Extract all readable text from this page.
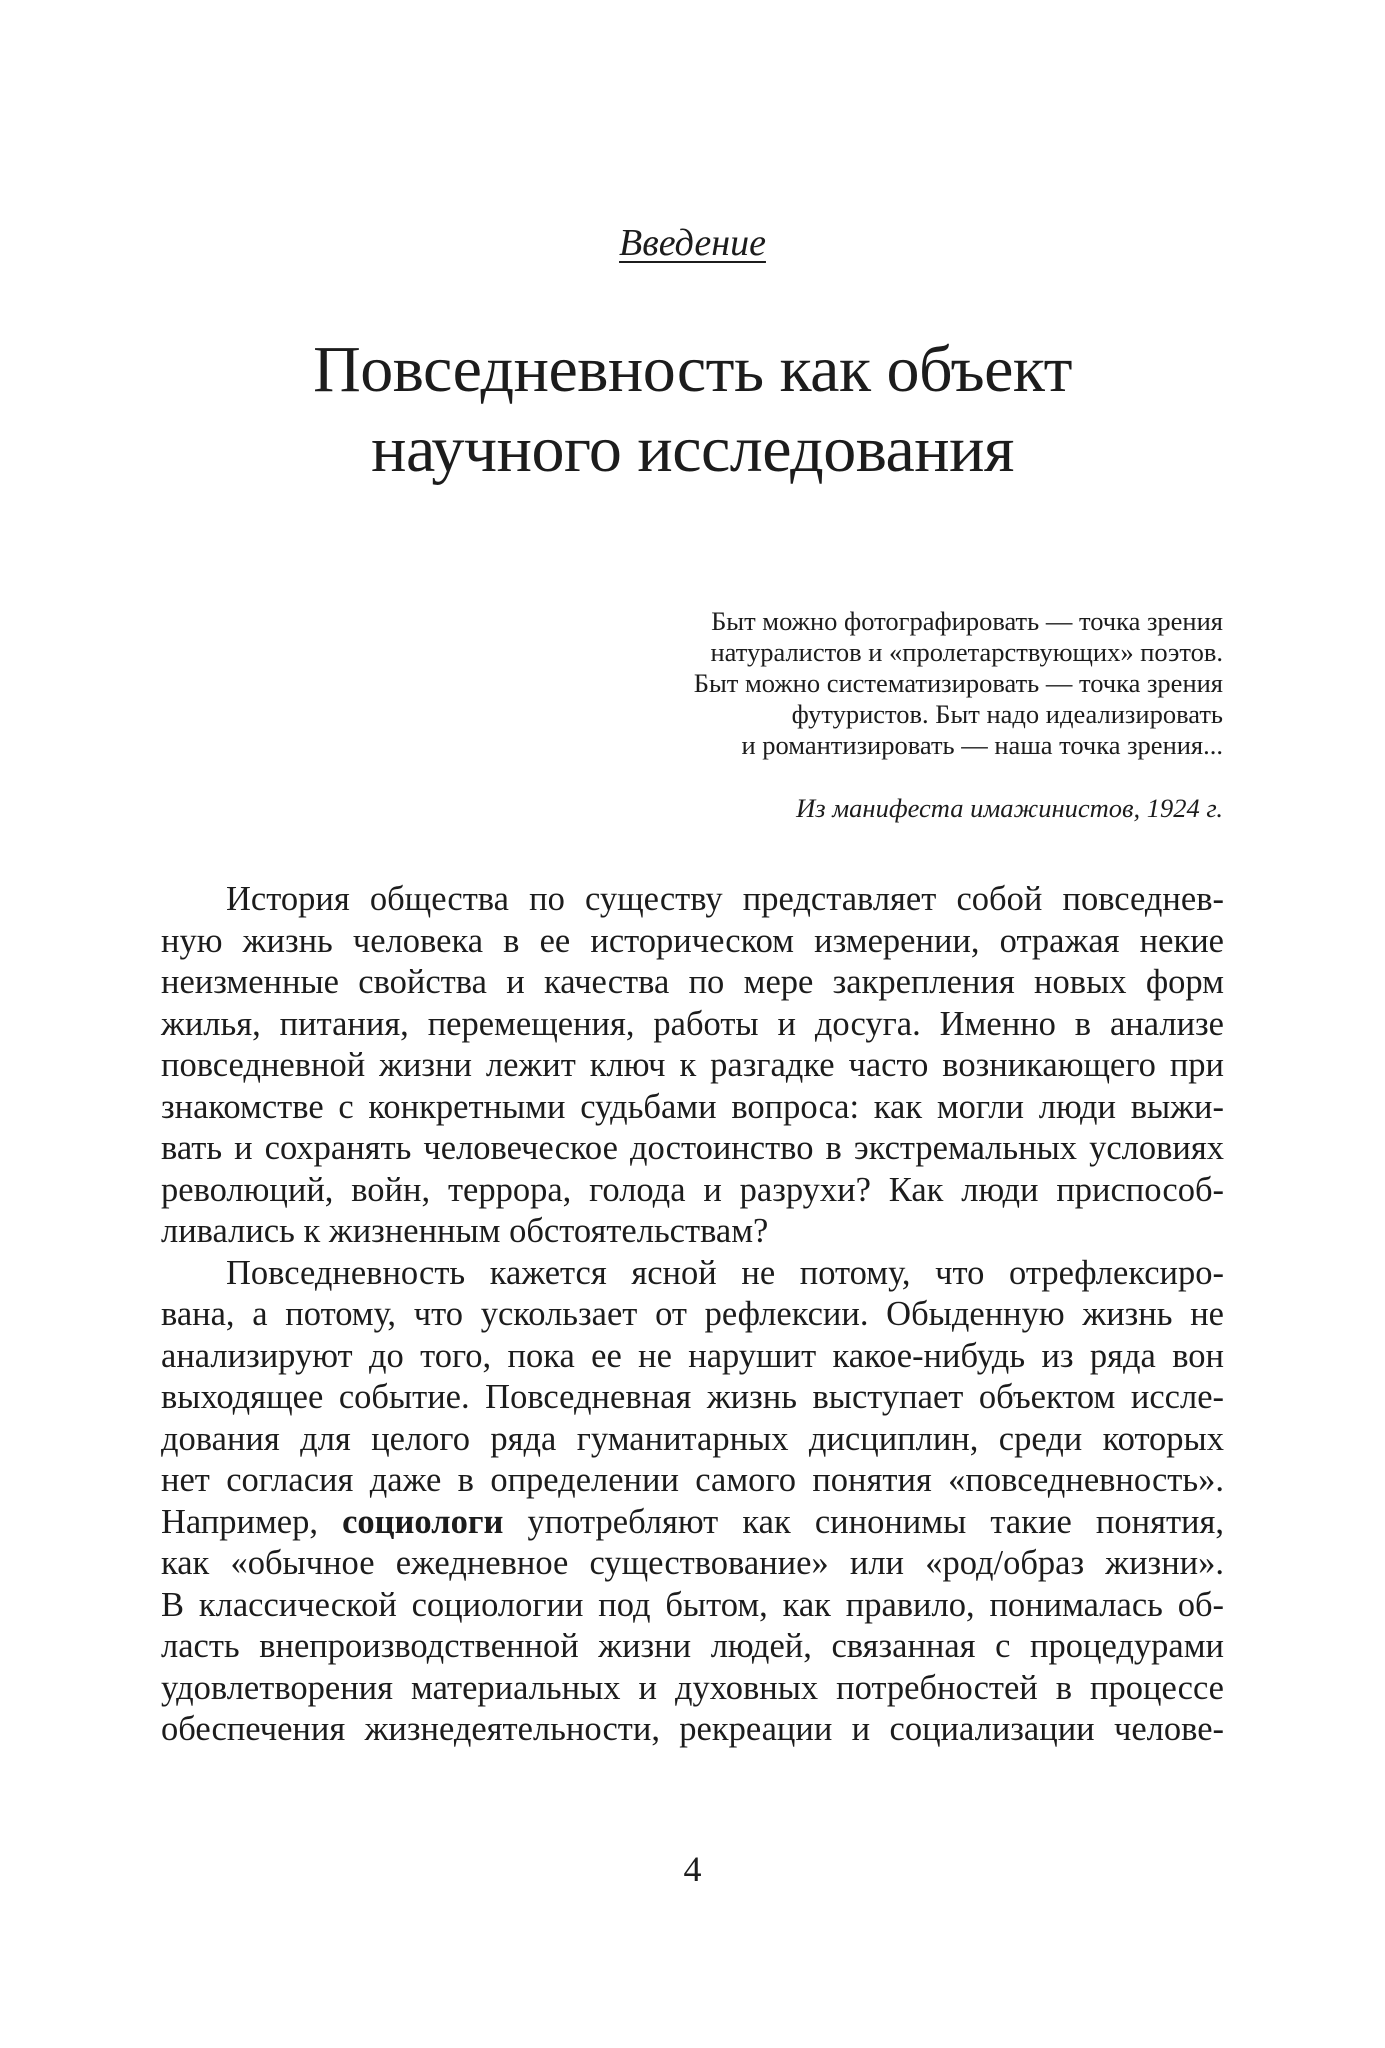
Введение
Повседневность как объект
научного исследования
Быт можно фотографировать — точка зрения
натуралистов и «пролетарствующих» поэтов.
Быт можно систематизировать — точка зрения
футуристов. Быт надо идеализировать
и романтизировать — наша точка зрения...
Из манифеста имажинистов, 1924 г.
История общества по существу представляет собой повседнев-
ную жизнь человека в ее историческом измерении, отражая некие
неизменные свойства и качества по мере закрепления новых форм
жилья, питания, перемещения, работы и досуга. Именно в анализе
повседневной жизни лежит ключ к разгадке часто возникающего при
знакомстве с конкретными судьбами вопроса: как могли люди выжи-
вать и сохранять человеческое достоинство в экстремальных условиях
революций, войн, террора, голода и разрухи? Как люди приспособ-
ливались к жизненным обстоятельствам?
Повседневность кажется ясной не потому, что отрефлексиро-
вана, а потому, что ускользает от рефлексии. Обыденную жизнь не
анализируют до того, пока ее не нарушит какое-нибудь из ряда вон
выходящее событие. Повседневная жизнь выступает объектом иссле-
дования для целого ряда гуманитарных дисциплин, среди которых
нет согласия даже в определении самого понятия «повседневность».
Например, социологи употребляют как синонимы такие понятия,
как «обычное ежедневное существование» или «род/образ жизни».
В классической социологии под бытом, как правило, понималась об-
ласть внепроизводственной жизни людей, связанная с процедурами
удовлетворения материальных и духовных потребностей в процессе
обеспечения жизнедеятельности, рекреации и социализации челове-
4
